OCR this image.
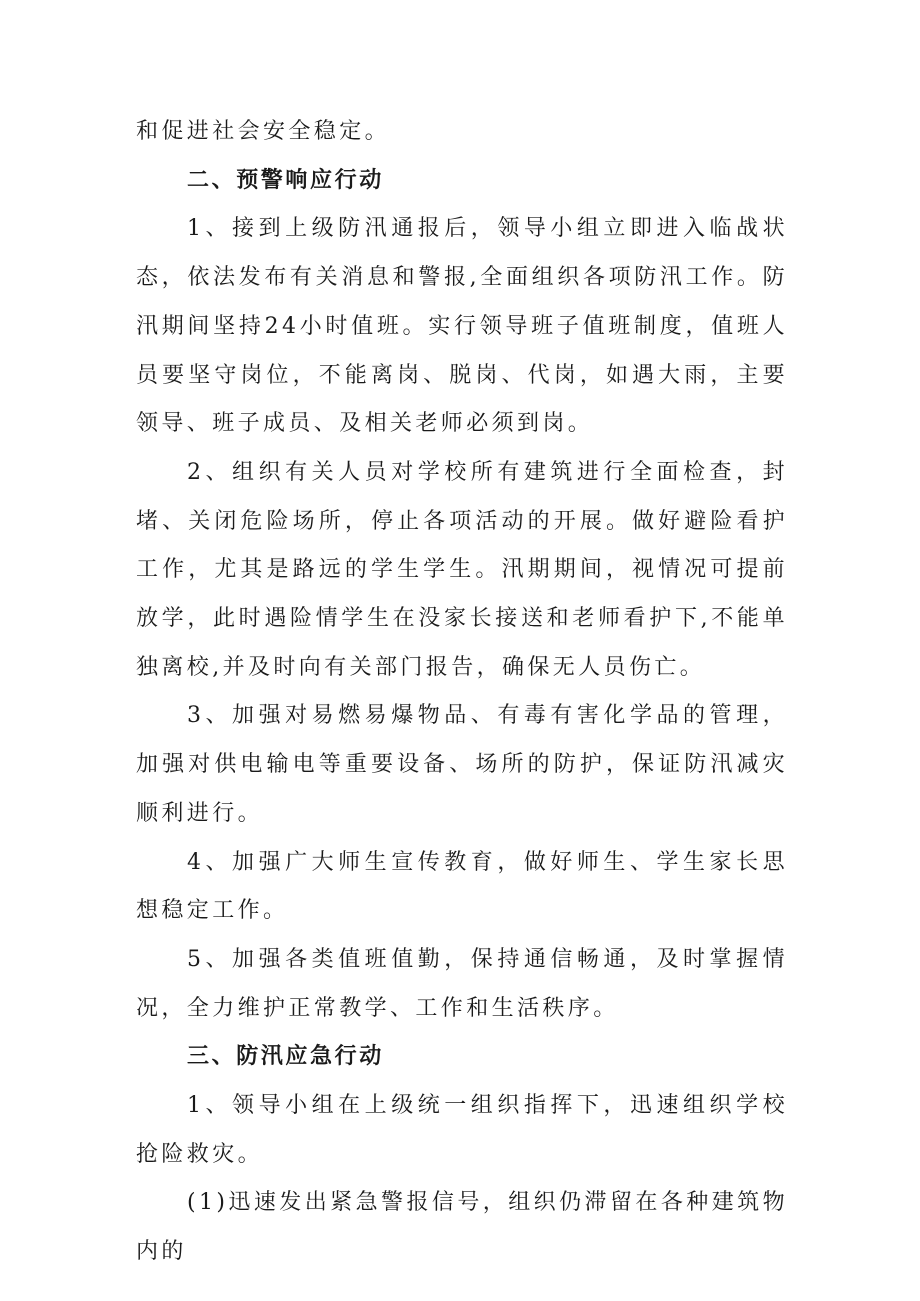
和促进社会安全稳定。

二、预警响应行动

1、接到上级防汛通报后，领导小组立即进入临战状态，依法发布有关消息和警报,全面组织各项防汛工作。防汛期间坚持24小时值班。实行领导班子值班制度，值班人员要坚守岗位，不能离岗、脱岗、代岗，如遇大雨，主要领导、班子成员、及相关老师必须到岗。

2、组织有关人员对学校所有建筑进行全面检查，封堵、关闭危险场所，停止各项活动的开展。做好避险看护工作，尤其是路远的学生学生。汛期期间，视情况可提前放学，此时遇险情学生在没家长接送和老师看护下,不能单独离校,并及时向有关部门报告，确保无人员伤亡。

3、加强对易燃易爆物品、有毒有害化学品的管理，加强对供电输电等重要设备、场所的防护，保证防汛减灾顺利进行。

4、加强广大师生宣传教育，做好师生、学生家长思想稳定工作。

5、加强各类值班值勤，保持通信畅通，及时掌握情况，全力维护正常教学、工作和生活秩序。

三、防汛应急行动

1、领导小组在上级统一组织指挥下，迅速组织学校抢险救灾。

(1)迅速发出紧急警报信号，组织仍滞留在各种建筑物内的
